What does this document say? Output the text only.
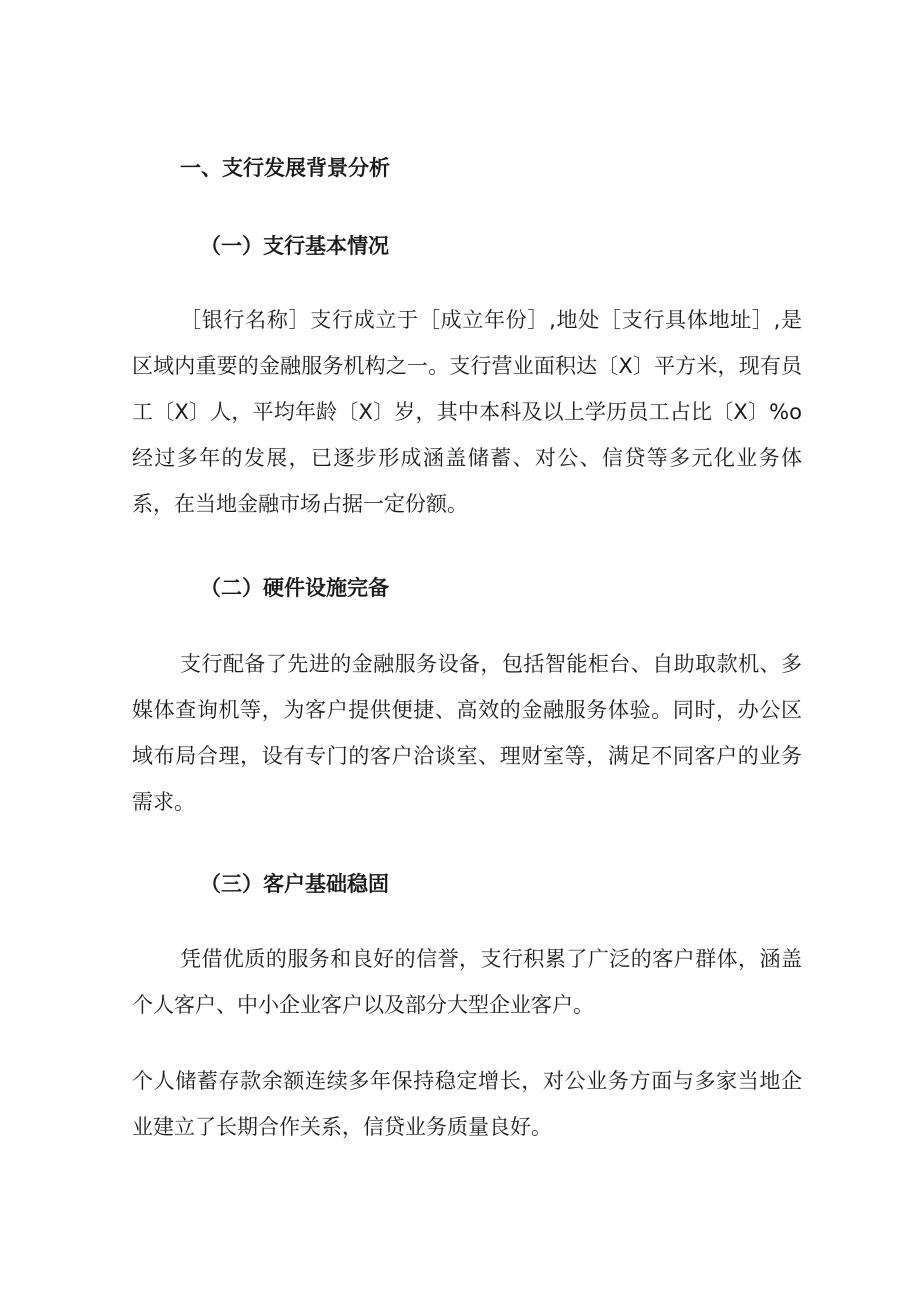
一、支行发展背景分析
（一）支行基本情况

［银行名称］支行成立于［成立年份］,地处［支行具体地址］,是区域内重要的金融服务机构之一。支行营业面积达〔X〕平方米，现有员工〔X〕人，平均年龄〔X〕岁，其中本科及以上学历员工占比〔X〕%o经过多年的发展，已逐步形成涵盖储蓄、对公、信贷等多元化业务体系，在当地金融市场占据一定份额。

（二）硬件设施完备

支行配备了先进的金融服务设备，包括智能柜台、自助取款机、多媒体查询机等，为客户提供便捷、高效的金融服务体验。同时，办公区域布局合理，设有专门的客户洽谈室、理财室等，满足不同客户的业务需求。

（三）客户基础稳固

凭借优质的服务和良好的信誉，支行积累了广泛的客户群体，涵盖个人客户、中小企业客户以及部分大型企业客户。

个人储蓄存款余额连续多年保持稳定增长，对公业务方面与多家当地企业建立了长期合作关系，信贷业务质量良好。
